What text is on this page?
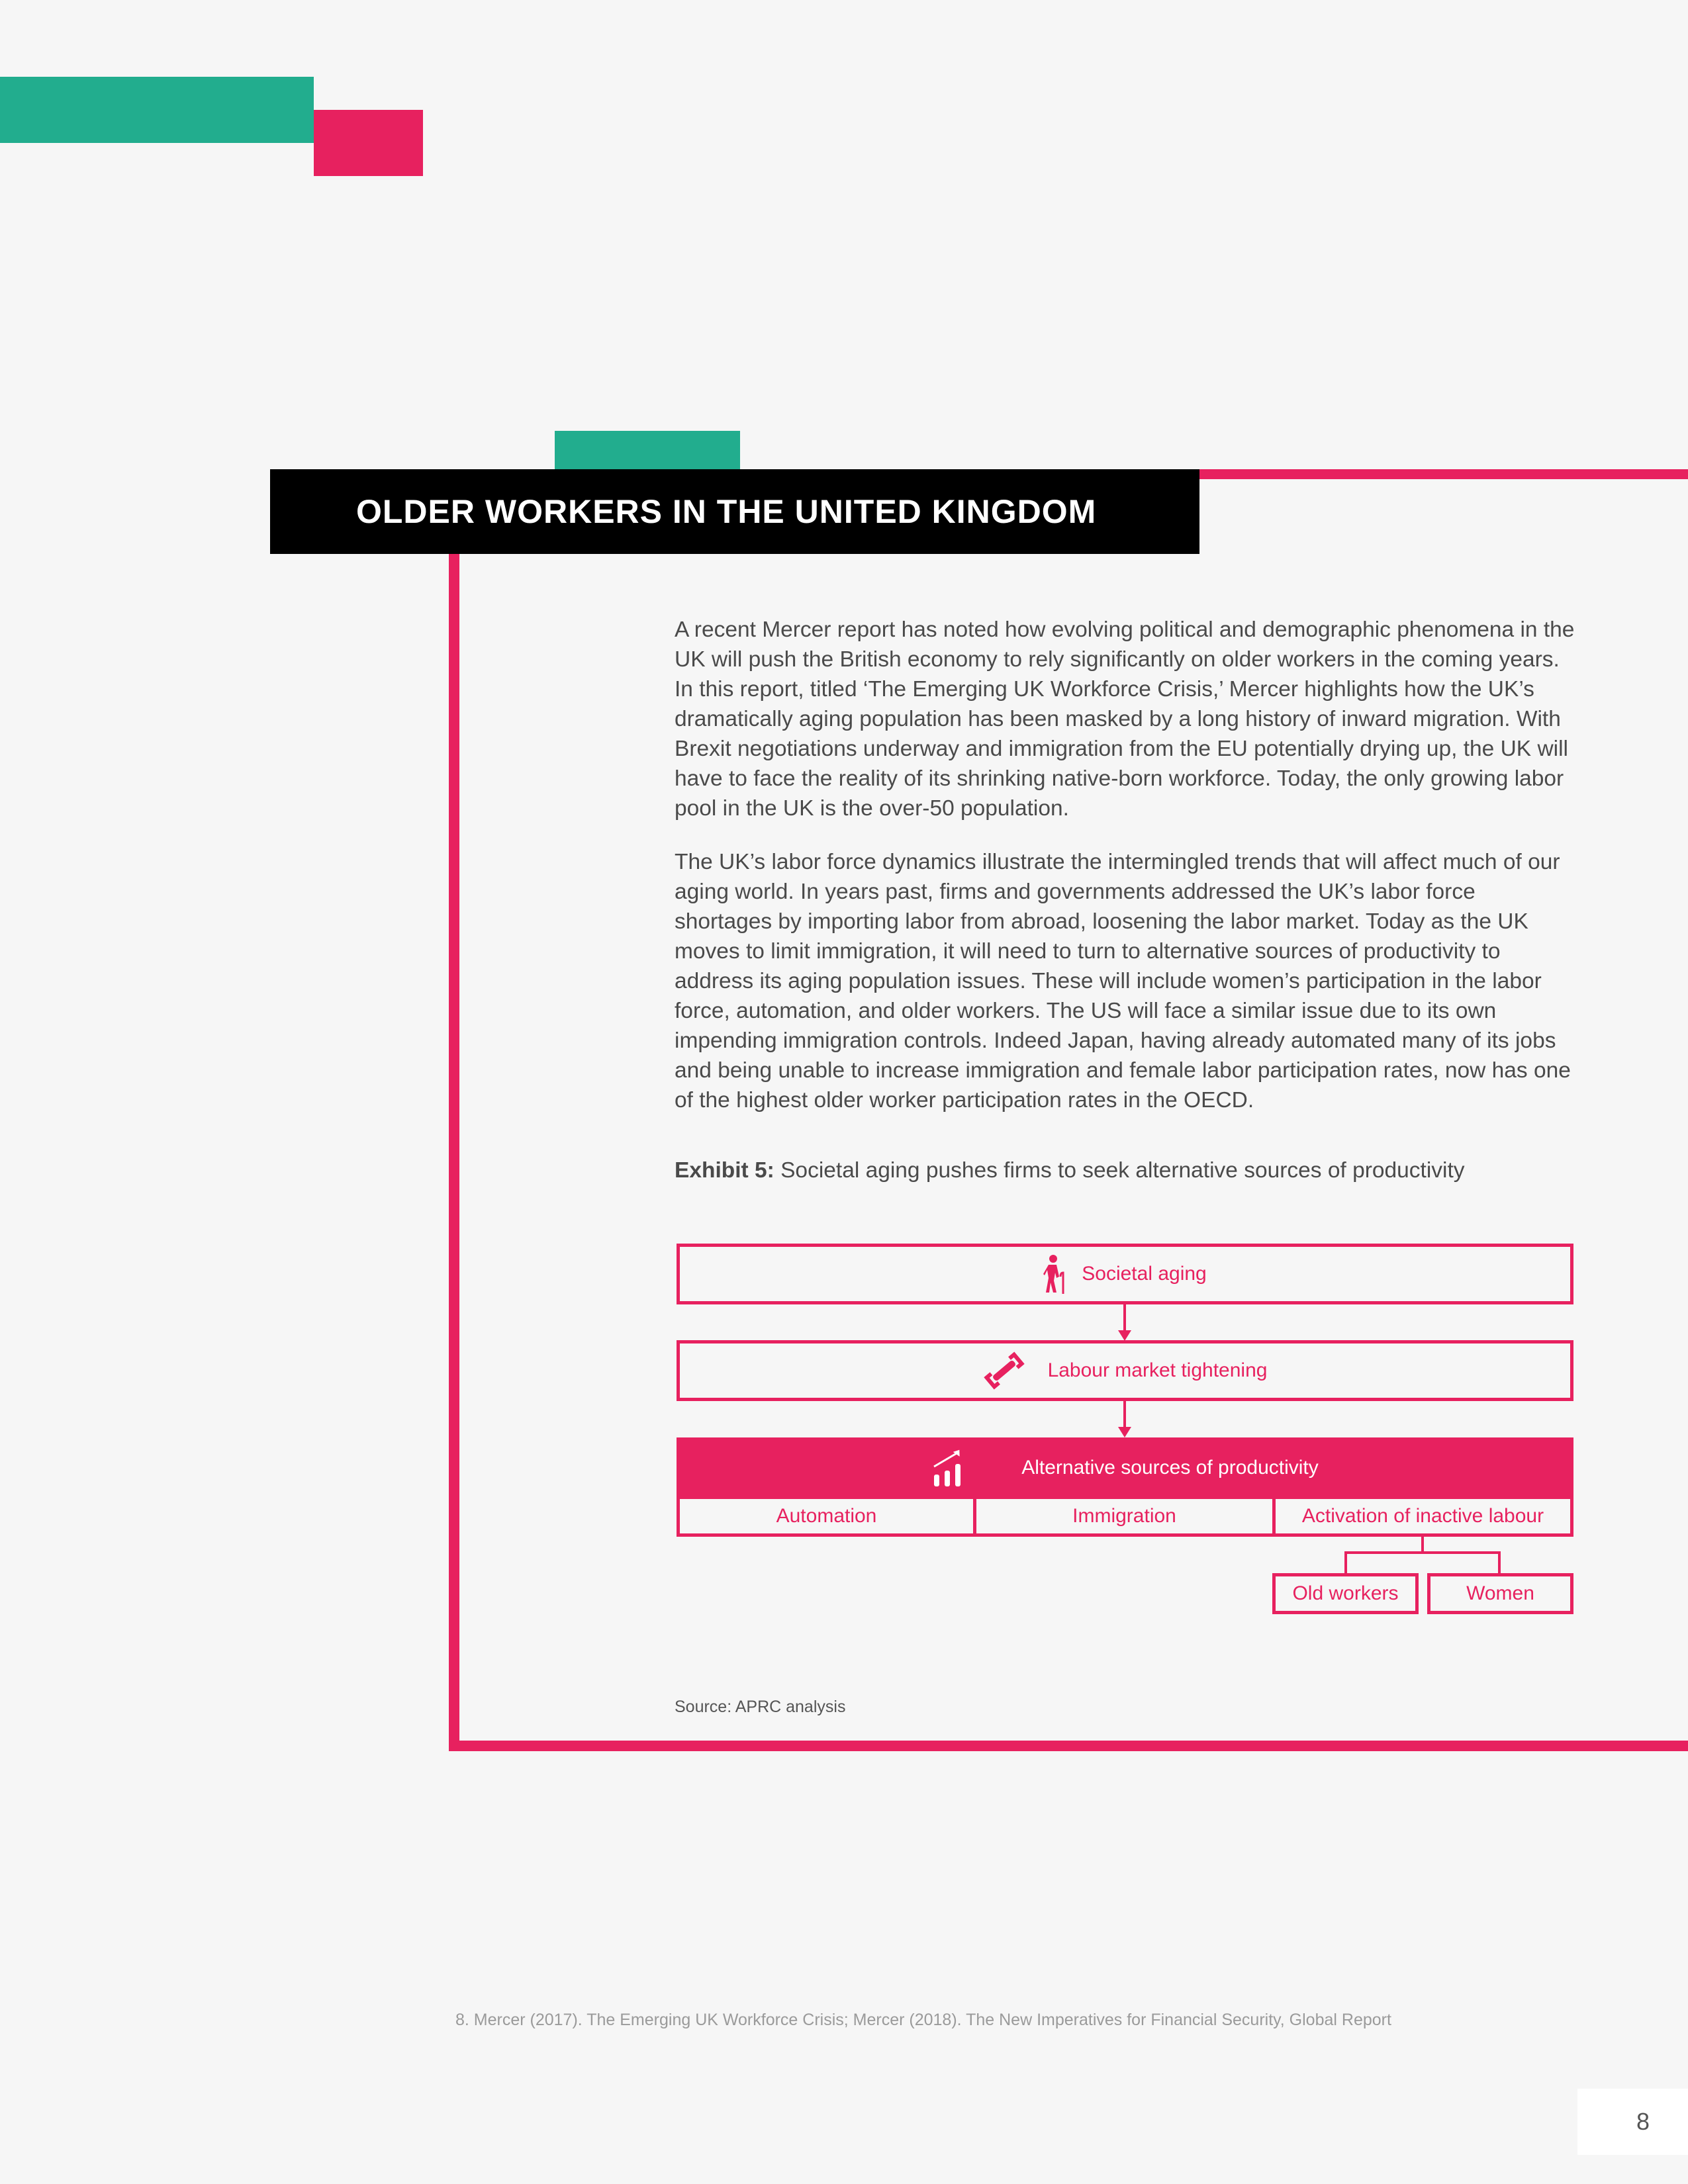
OLDER WORKERS IN THE UNITED KINGDOM

A recent Mercer report has noted how evolving political and demographic phenomena in the UK will push the British economy to rely significantly on older workers in the coming years. In this report, titled ‘The Emerging UK Workforce Crisis,’ Mercer highlights how the UK’s dramatically aging population has been masked by a long history of inward migration. With Brexit negotiations underway and immigration from the EU potentially drying up, the UK will have to face the reality of its shrinking native-born workforce. Today, the only growing labor pool in the UK is the over-50 population.

The UK’s labor force dynamics illustrate the intermingled trends that will affect much of our aging world. In years past, firms and governments addressed the UK’s labor force shortages by importing labor from abroad, loosening the labor market. Today as the UK moves to limit immigration, it will need to turn to alternative sources of productivity to address its aging population issues. These will include women’s participation in the labor force, automation, and older workers. The US will face a similar issue due to its own impending immigration controls. Indeed Japan, having already automated many of its jobs and being unable to increase immigration and female labor participation rates, now has one of the highest older worker participation rates in the OECD.

Exhibit 5: Societal aging pushes firms to seek alternative sources of productivity
Societal aging
Labour market tightening
Alternative sources of productivity
Automation	Immigration	Activation of inactive labour
Old workers	Women
Source: APRC analysis
8. Mercer (2017). The Emerging UK Workforce Crisis; Mercer (2018). The New Imperatives for Financial Security, Global Report
8
